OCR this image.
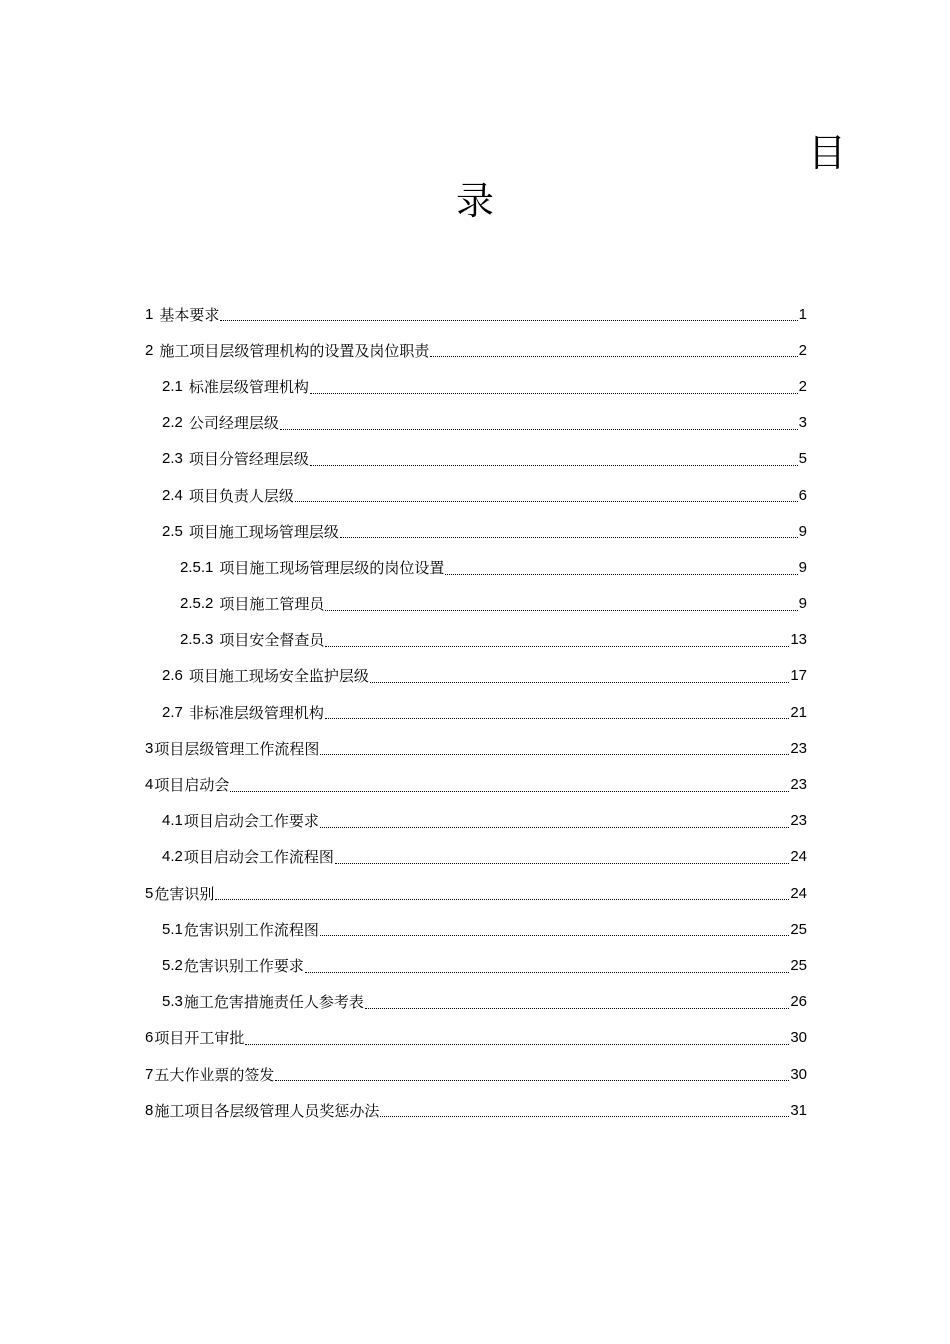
目
录
1 基本要求	1
2 施工项目层级管理机构的设置及岗位职责	2
2.1 标准层级管理机构	2
2.2 公司经理层级	3
2.3 项目分管经理层级	5
2.4 项目负责人层级	6
2.5 项目施工现场管理层级	9
2.5.1 项目施工现场管理层级的岗位设置	9
2.5.2 项目施工管理员	9
2.5.3 项目安全督查员	13
2.6 项目施工现场安全监护层级	17
2.7 非标准层级管理机构	21
3 项目层级管理工作流程图	23
4 项目启动会	23
4.1 项目启动会工作要求	23
4.2 项目启动会工作流程图	24
5 危害识别	24
5.1 危害识别工作流程图	25
5.2 危害识别工作要求	25
5.3 施工危害措施责任人参考表	26
6 项目开工审批	30
7 五大作业票的签发	30
8 施工项目各层级管理人员奖惩办法	31
